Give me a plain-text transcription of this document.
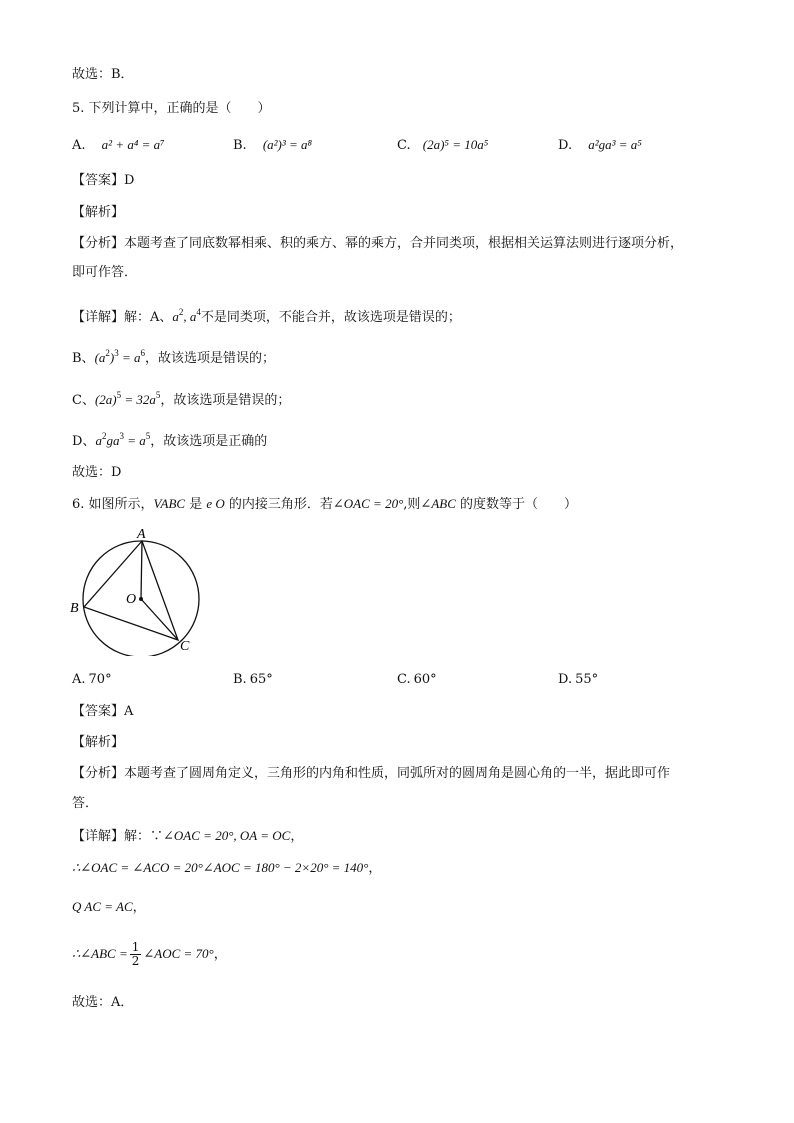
故选：B．
5. 下列计算中，正确的是（　　）
A. a² + a⁴ = a⁷	B. (a²)³ = a⁸	C. (2a)⁵ = 10a⁵	D. a²ga³ = a⁵
【答案】D
【解析】
【分析】本题考查了同底数幂相乘、积的乘方、幂的乘方，合并同类项，根据相关运算法则进行逐项分析，
即可作答．
【详解】解：A、$a^2$, $a^4$不是同类项，不能合并，故该选项是错误的；
B、$(a^2)^3 = a^6$，故该选项是错误的；
C、$(2a)^5 = 32a^5$，故该选项是错误的；
D、$a^2ga^3 = a^5$，故该选项是正确的
故选：D
6. 如图所示，VABC 是 e O 的内接三角形．若∠OAC = 20°,则∠ABC 的度数等于（　　）
A
B
C
O
A. 70°	B. 65°	C. 60°	D. 55°
【答案】A
【解析】
【分析】本题考查了圆周角定义，三角形的内角和性质，同弧所对的圆周角是圆心角的一半，据此即可作
答．
【详解】解：∵∠OAC = 20°, OA = OC，
∴∠OAC = ∠ACO = 20°∠AOC = 180° − 2×20° = 140°，
Q AC = AC，
∴∠ABC = $\frac{1}{2}$ ∠AOC = 70°，
故选：A．
